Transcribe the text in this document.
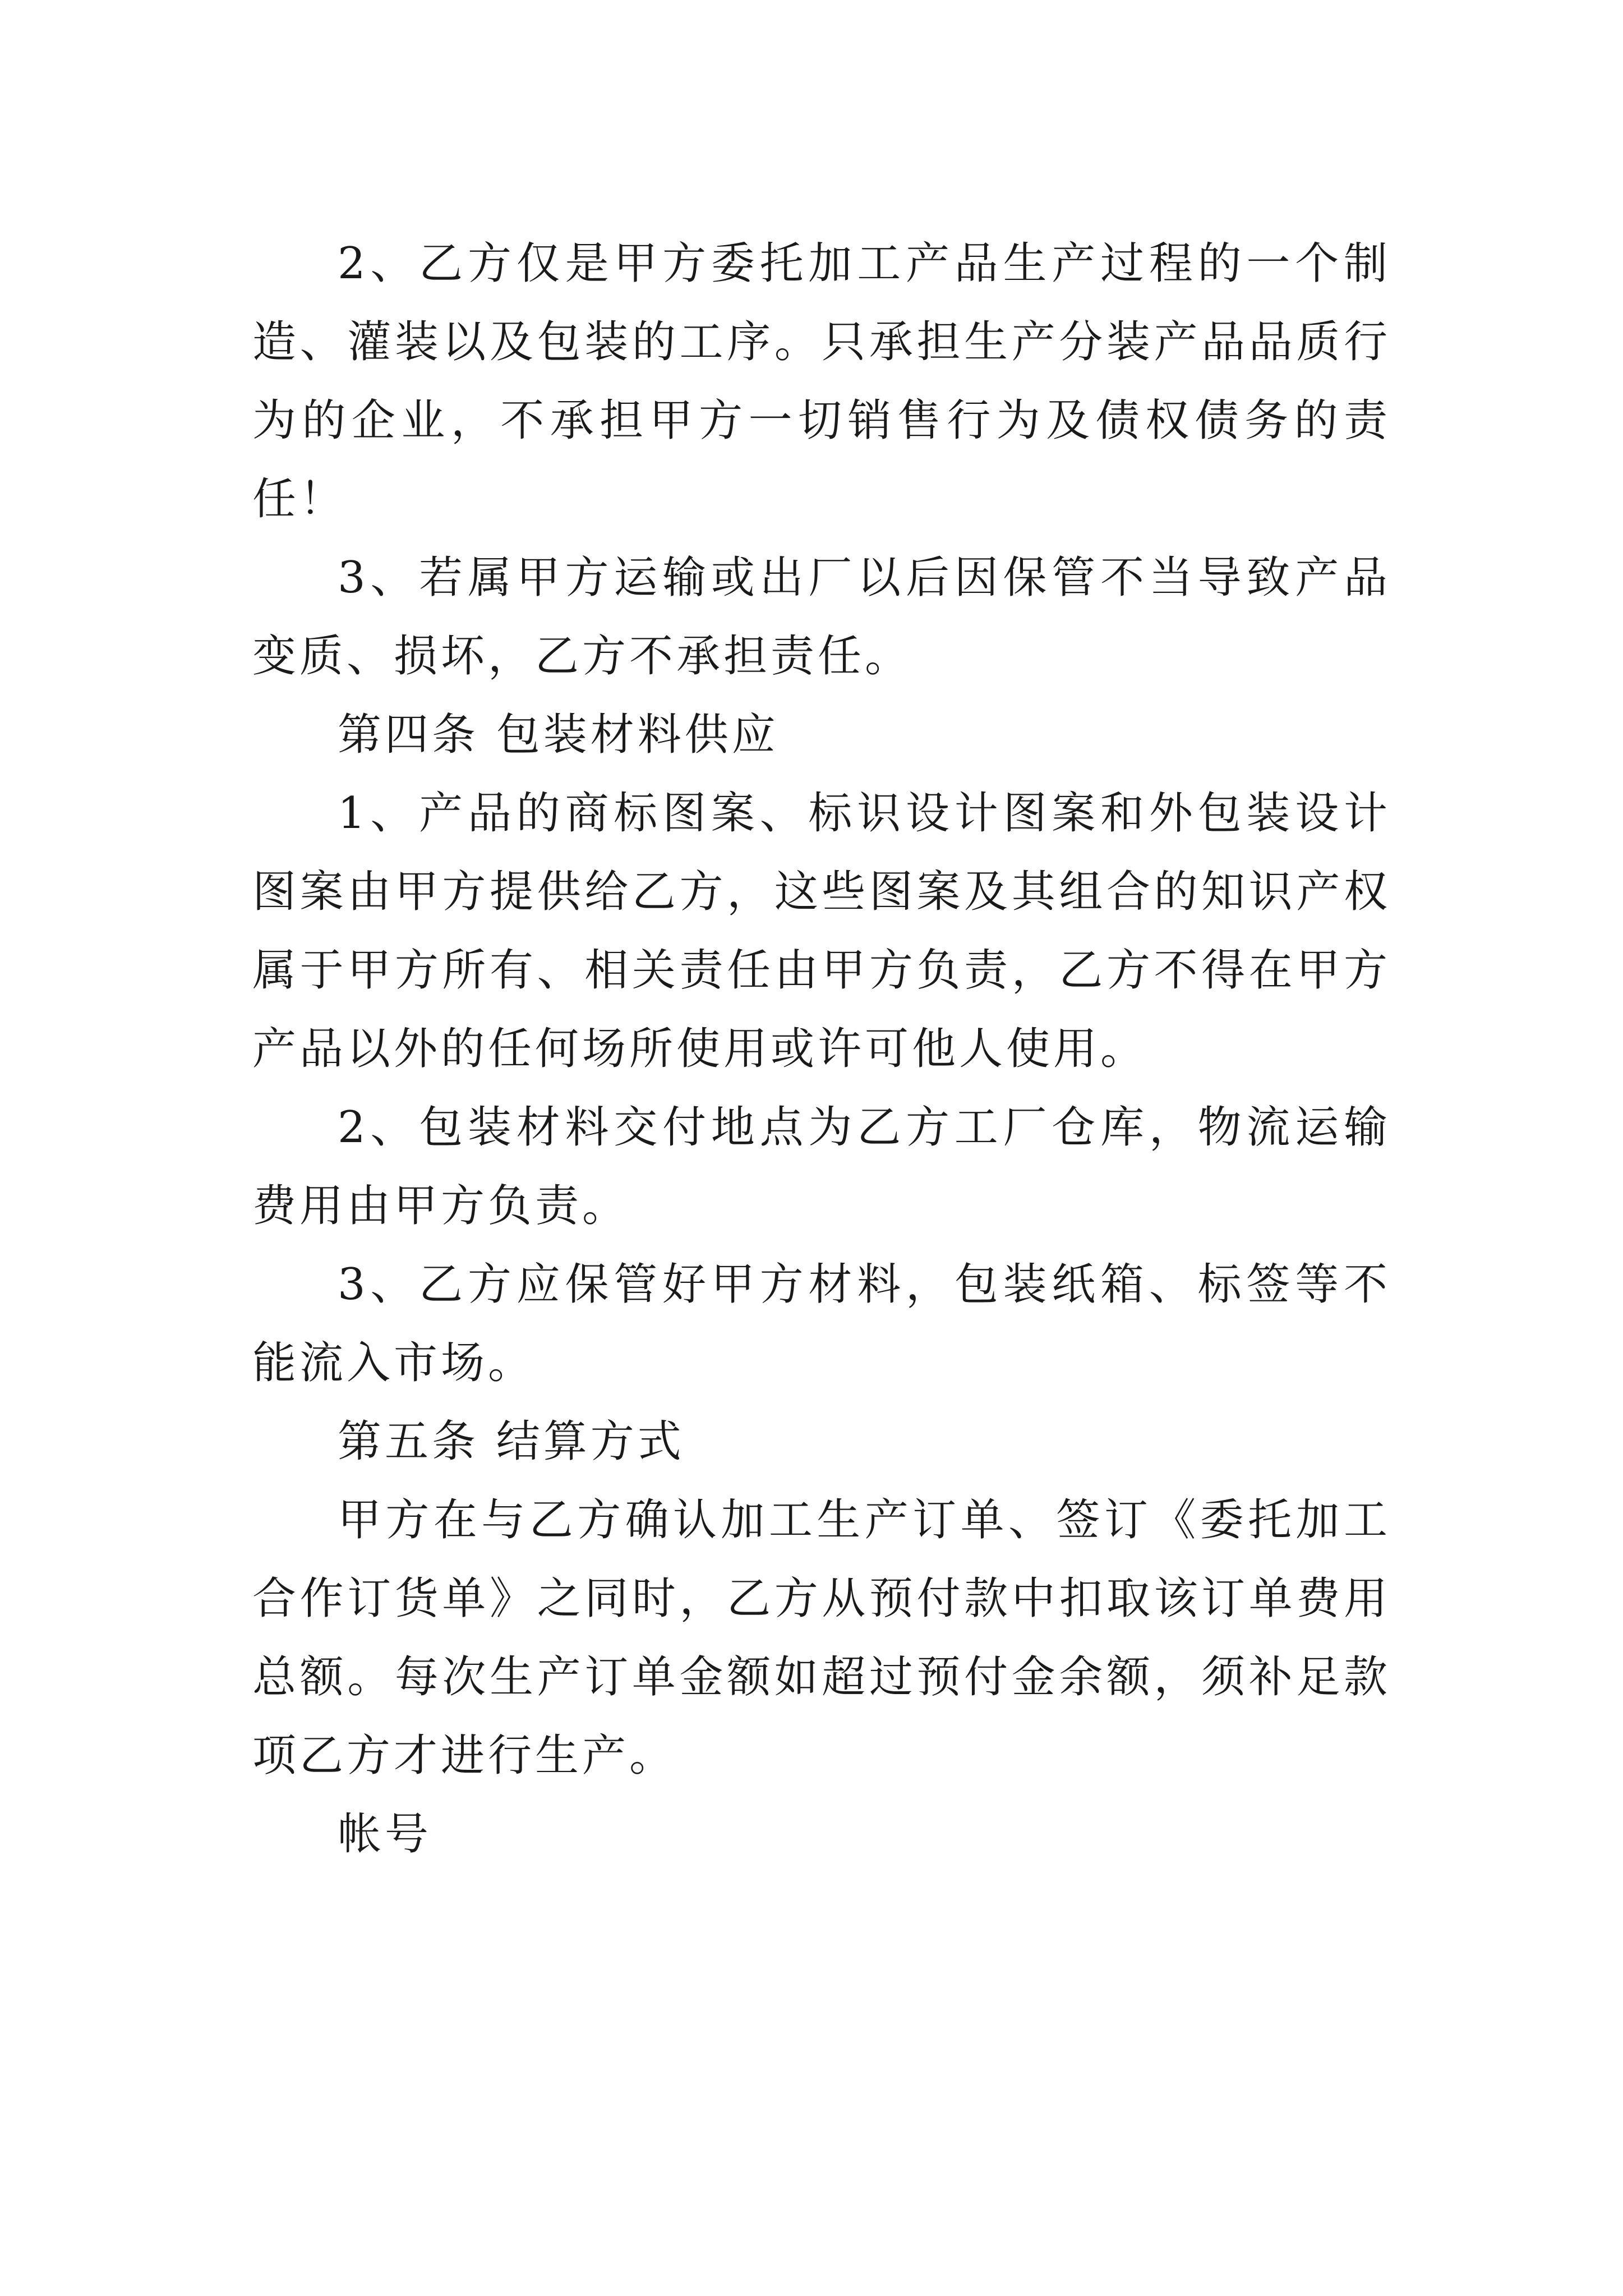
2、乙方仅是甲方委托加工产品生产过程的一个制造、灌装以及包装的工序。只承担生产分装产品品质行为的企业，不承担甲方一切销售行为及债权债务的责任！

3、若属甲方运输或出厂以后因保管不当导致产品变质、损坏，乙方不承担责任。

第四条 包装材料供应

1、产品的商标图案、标识设计图案和外包装设计图案由甲方提供给乙方，这些图案及其组合的知识产权属于甲方所有、相关责任由甲方负责，乙方不得在甲方产品以外的任何场所使用或许可他人使用。

2、包装材料交付地点为乙方工厂仓库，物流运输费用由甲方负责。

3、乙方应保管好甲方材料，包装纸箱、标签等不能流入市场。

第五条 结算方式

甲方在与乙方确认加工生产订单、签订《委托加工合作订货单》之同时，乙方从预付款中扣取该订单费用总额。每次生产订单金额如超过预付金余额，须补足款项乙方才进行生产。

帐号
